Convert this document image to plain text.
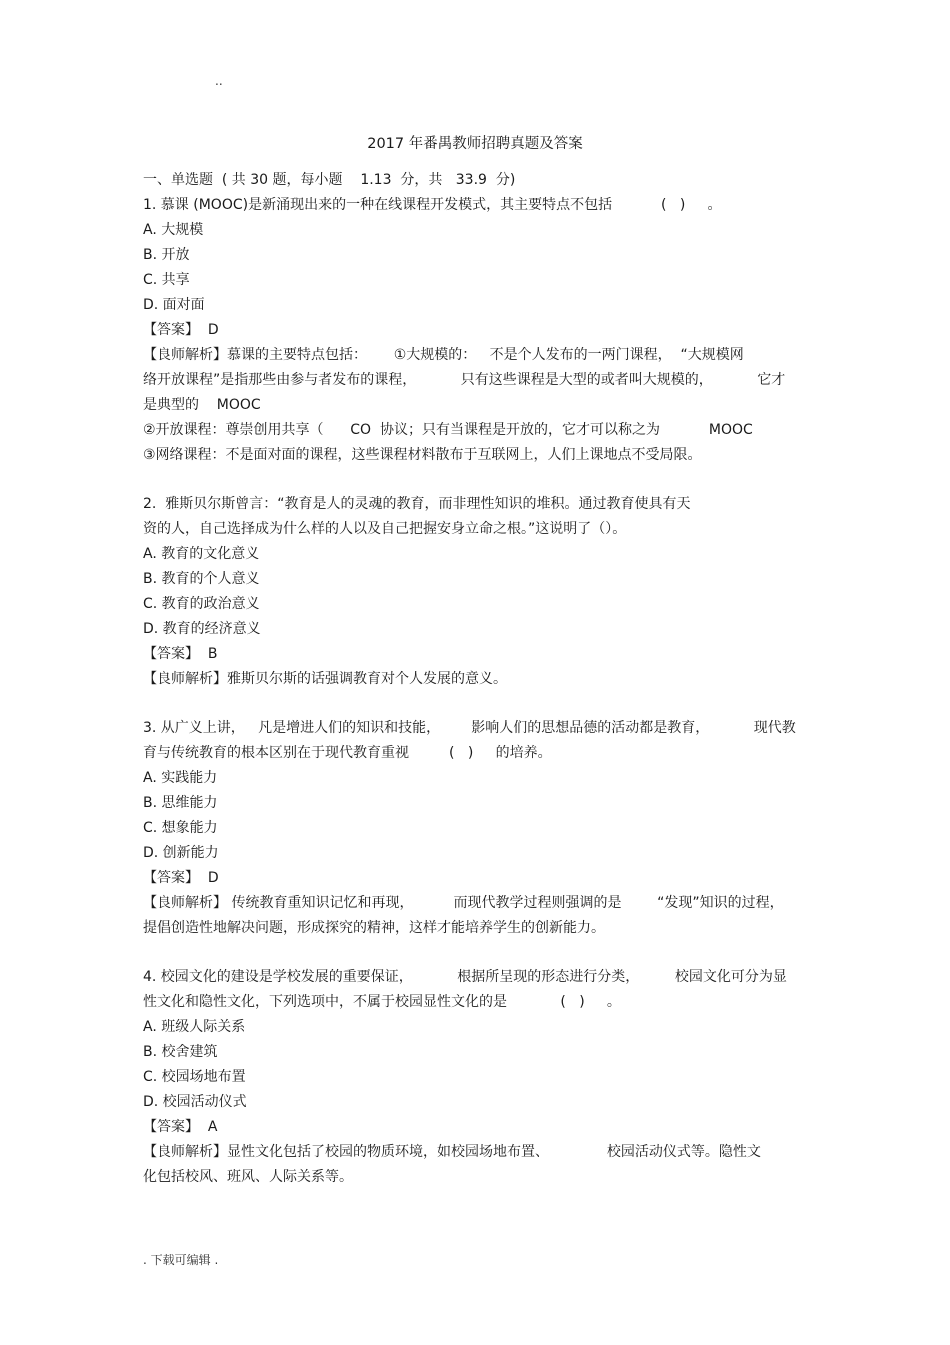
..
2017 年番禺教师招聘真题及答案
一、单选题  ( 共 30 题，每小题    1.13  分，共   33.9  分)
1. 慕课 (MOOC)是新涌现出来的一种在线课程开发模式，其主要特点不包括           (   )     。
A. 大规模
B. 开放
C. 共享
D. 面对面
【答案】  D
【良师解析】慕课的主要特点包括：      ①大规模的：   不是个人发布的一两门课程，  “大规模网
络开放课程”是指那些由参与者发布的课程，          只有这些课程是大型的或者叫大规模的，          它才
是典型的    MOOC
②开放课程：尊崇创用共享（      CO  协议；只有当课程是开放的，它才可以称之为           MOOC
③网络课程：不是面对面的课程，这些课程材料散布于互联网上，人们上课地点不受局限。
2.  雅斯贝尔斯曾言：“教育是人的灵魂的教育，而非理性知识的堆积。通过教育使具有天
资的人，自己选择成为什么样的人以及自己把握安身立命之根。”这说明了（）。
A. 教育的文化意义
B. 教育的个人意义
C. 教育的政治意义
D. 教育的经济意义
【答案】  B
【良师解析】雅斯贝尔斯的话强调教育对个人发展的意义。
3. 从广义上讲，   凡是增进人们的知识和技能，       影响人们的思想品德的活动都是教育，          现代教
育与传统教育的根本区别在于现代教育重视         (   )     的培养。
A. 实践能力
B. 思维能力
C. 想象能力
D. 创新能力
【答案】  D
【良师解析】 传统教育重知识记忆和再现，         而现代教学过程则强调的是        “发现”知识的过程，
提倡创造性地解决问题，形成探究的精神，这样才能培养学生的创新能力。
4. 校园文化的建设是学校发展的重要保证，          根据所呈现的形态进行分类，        校园文化可分为显
性文化和隐性文化，下列选项中，不属于校园显性文化的是            (   )     。
A. 班级人际关系
B. 校舍建筑
C. 校园场地布置
D. 校园活动仪式
【答案】  A
【良师解析】显性文化包括了校园的物质环境，如校园场地布置、             校园活动仪式等。隐性文
化包括校风、班风、人际关系等。
. 下载可编辑 .
